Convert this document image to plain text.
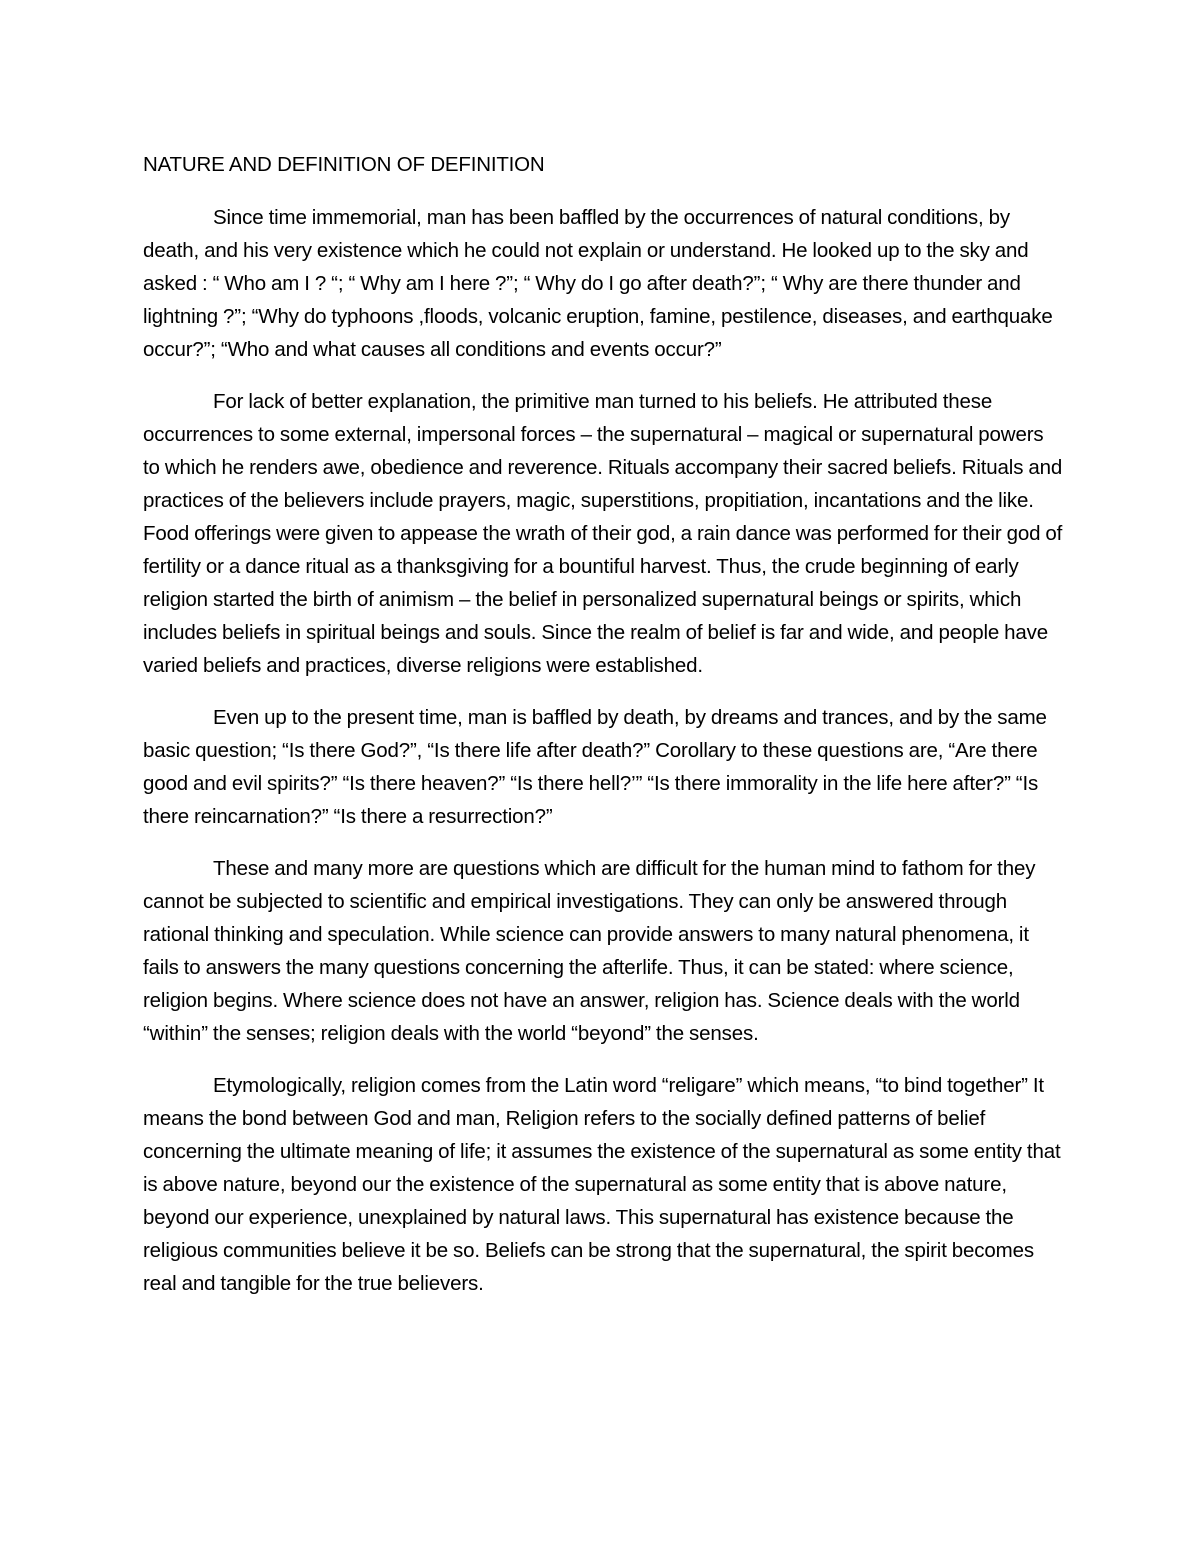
NATURE AND DEFINITION OF DEFINITION

Since time immemorial, man has been baffled by the occurrences of natural conditions, by death, and his very existence which he could not explain or understand. He looked up to the sky and asked : “ Who am I ? “; “ Why am I here ?”; “ Why do I go after death?”; “ Why are there thunder and lightning ?”; “Why do typhoons ,floods, volcanic eruption, famine, pestilence, diseases, and earthquake occur?”; “Who and what causes all conditions and events occur?”

For lack of better explanation, the primitive man turned to his beliefs. He attributed these occurrences to some external, impersonal forces – the supernatural – magical or supernatural powers to which he renders awe, obedience and reverence. Rituals accompany their sacred beliefs. Rituals and practices of the believers include prayers, magic, superstitions, propitiation, incantations and the like. Food offerings were given to appease the wrath of their god, a rain dance was performed for their god of fertility or a dance ritual as a thanksgiving for a bountiful harvest. Thus, the crude beginning of early religion started the birth of animism – the belief in personalized supernatural beings or spirits, which includes beliefs in spiritual beings and souls. Since the realm of belief is far and wide, and people have varied beliefs and practices, diverse religions were established.

Even up to the present time, man is baffled by death, by dreams and trances, and by the same basic question; “Is there God?”, “Is there life after death?” Corollary to these questions are, “Are there good and evil spirits?” “Is there heaven?” “Is there hell?’” “Is there immorality in the life here after?” “Is there reincarnation?” “Is there a resurrection?”

These and many more are questions which are difficult for the human mind to fathom for they cannot be subjected to scientific and empirical investigations. They can only be answered through rational thinking and speculation. While science can provide answers to many natural phenomena, it fails to answers the many questions concerning the afterlife. Thus, it can be stated: where science, religion begins. Where science does not have an answer, religion has. Science deals with the world “within” the senses; religion deals with the world “beyond” the senses.

Etymologically, religion comes from the Latin word “religare” which means, “to bind together” It means the bond between God and man, Religion refers to the socially defined patterns of belief concerning the ultimate meaning of life; it assumes the existence of the supernatural as some entity that is above nature, beyond our the existence of the supernatural as some entity that is above nature, beyond our experience, unexplained by natural laws. This supernatural has existence because the religious communities believe it be so. Beliefs can be strong that the supernatural, the spirit becomes real and tangible for the true believers.
